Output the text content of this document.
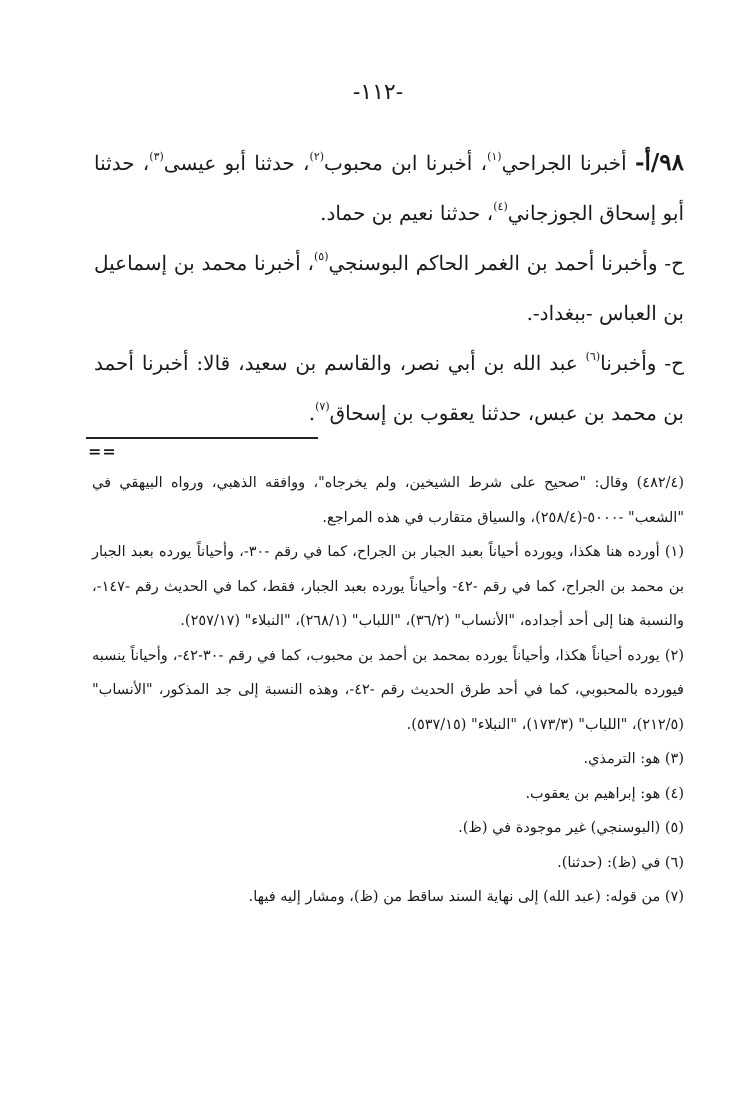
-١١٢-

٩٨/أ- أخبرنا الجراحي$^{(١)}$، أخبرنا ابن محبوب$^{(٢)}$، حدثنا أبو عيسى$^{(٣)}$، حدثنا أبو إسحاق الجوزجاني$^{(٤)}$، حدثنا نعيم بن حماد.

ح- وأخبرنا أحمد بن الغمر الحاكم البوسنجي$^{(٥)}$، أخبرنا محمد بن إسماعيل بن العباس -ببغداد-.

ح- وأخبرنا$^{(٦)}$ عبد الله بن أبي نصر، والقاسم بن سعيد، قالا: أخبرنا أحمد بن محمد بن عبس، حدثنا يعقوب بن إسحاق$^{(٧)}$.

==

(٤٨٢/٤) وقال: "صحيح على شرط الشيخين، ولم يخرجاه"، ووافقه الذهبي، ورواه البيهقي في "الشعب" -٥٠٠٠-(٢٥٨/٤)، والسياق متقارب في هذه المراجع.

(١) أورده هنا هكذا، ويورده أحياناً بعبد الجبار بن الجراح، كما في رقم -٣٠-، وأحياناً يورده بعبد الجبار بن محمد بن الجراح، كما في رقم -٤٢- وأحياناً يورده بعبد الجبار، فقط، كما في الحديث رقم -١٤٧-، والنسبة هنا إلى أحد أجداده، "الأنساب" (٣٦/٢)، "اللباب" (٢٦٨/١)، "النبلاء" (٢٥٧/١٧).

(٢) يورده أحياناً هكذا، وأحياناً يورده بمحمد بن أحمد بن محبوب، كما في رقم -٣٠-٤٢-، وأحياناً ينسبه فيورده بالمحبوبي، كما في أحد طرق الحديث رقم -٤٢-، وهذه النسبة إلى جد المذكور، "الأنساب" (٢١٢/٥)، "اللباب" (١٧٣/٣)، "النبلاء" (٥٣٧/١٥).

(٣) هو: الترمذي.

(٤) هو: إبراهيم بن يعقوب.

(٥) (البوسنجي) غير موجودة في (ظ).

(٦) في (ظ): (حدثنا).

(٧) من قوله: (عبد الله) إلى نهاية السند ساقط من (ظ)، ومشار إليه فيها.
